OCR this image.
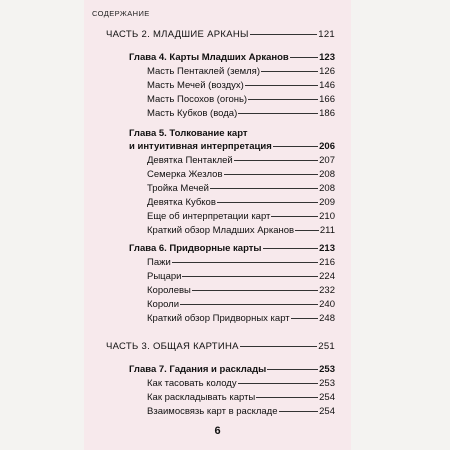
СОДЕРЖАНИЕ
ЧАСТЬ 2. МЛАДШИЕ АРКАНЫ	121
Глава 4. Карты Младших Арканов	123
Масть Пентаклей (земля)	126
Масть Мечей (воздух)	146
Масть Посохов (огонь)	166
Масть Кубков (вода)	186
Глава 5. Толкование карт
и интуитивная интерпретация	206
Девятка Пентаклей	207
Семерка Жезлов	208
Тройка Мечей	208
Девятка Кубков	209
Еще об интерпретации карт	210
Краткий обзор Младших Арканов	211
Глава 6. Придворные карты	213
Пажи	216
Рыцари	224
Королевы	232
Короли	240
Краткий обзор Придворных карт	248
ЧАСТЬ 3. ОБЩАЯ КАРТИНА	251
Глава 7. Гадания и расклады	253
Как тасовать колоду	253
Как раскладывать карты	254
Взаимосвязь карт в раскладе	254
6
